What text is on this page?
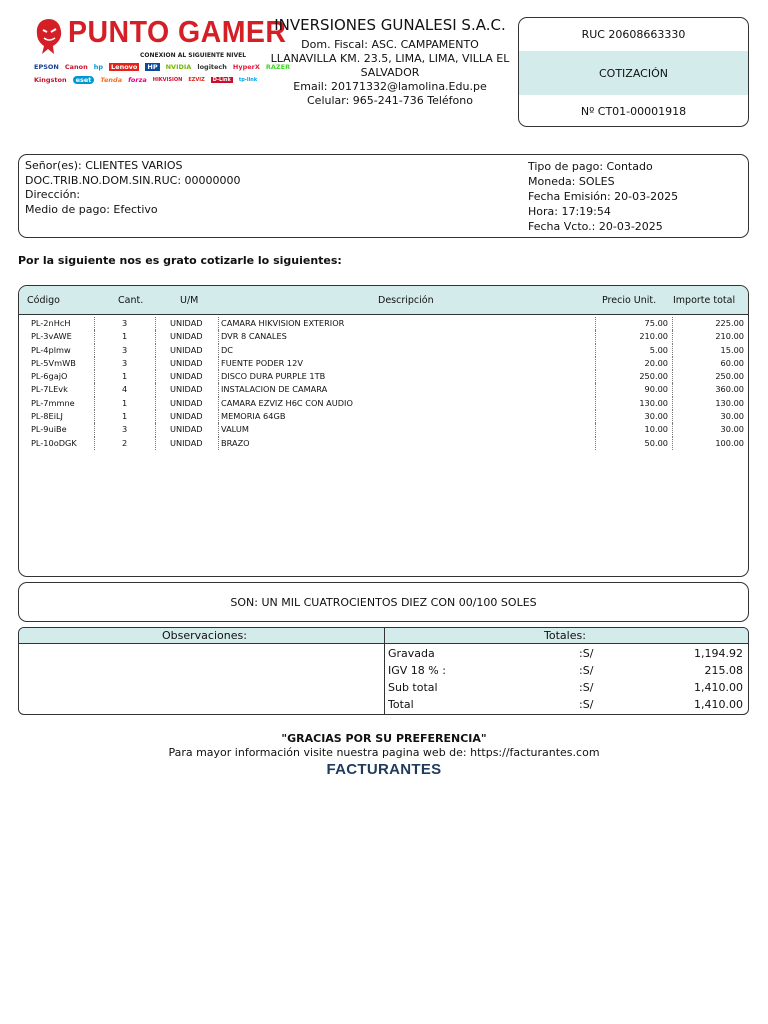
PUNTO GAMER
CONEXION AL SIGUIENTE NIVEL
EPSON Canon hp	Lenovo	HP	NVIDIA logitech HyperX RAZER
Kingston	eset	Tenda forza HIKVISION EZVIZ	D-Link	tp-link
INVERSIONES GUNALESI S.A.C.
Dom. Fiscal: ASC. CAMPAMENTO
LLANAVILLA KM. 23.5, LIMA, LIMA, VILLA EL
SALVADOR
Email: 20171332@lamolina.Edu.pe
Celular: 965-241-736 Teléfono
RUC 20608663330
COTIZACIÓN
Nº CT01-00001918
Señor(es): CLIENTES VARIOS
DOC.TRIB.NO.DOM.SIN.RUC: 00000000
Dirección:
Medio de pago: Efectivo
Tipo de pago: Contado
Moneda: SOLES
Fecha Emisión: 20-03-2025
Hora: 17:19:54
Fecha Vcto.: 20-03-2025
Por la siguiente nos es grato cotizarle lo siguientes:
Código	Cant.	U/M	Descripción	Precio Unit. Importe total
PL-2nHcH	3	UNIDAD CAMARA HIKVISION EXTERIOR	75.00	225.00
PL-3vAWE	1	UNIDAD DVR 8 CANALES	210.00	210.00
PL-4plmw	3	UNIDAD DC	5.00	15.00
PL-5VmWB	3	UNIDAD FUENTE PODER 12V	20.00	60.00
PL-6gajO	1	UNIDAD DISCO DURA PURPLE 1TB	250.00	250.00
PL-7LEvk	4	UNIDAD INSTALACION DE CAMARA	90.00	360.00
PL-7mmne	1	UNIDAD CAMARA EZVIZ H6C CON AUDIO	130.00	130.00
PL-8EiLJ	1	UNIDAD MEMORIA 64GB	30.00	30.00
PL-9uiBe	3	UNIDAD VALUM	10.00	30.00
PL-10oDGK	2	UNIDAD BRAZO	50.00	100.00
SON: UN MIL CUATROCIENTOS DIEZ CON 00/100 SOLES
Observaciones:	Totales:
Gravada	:S/	1,194.92
IGV 18 % :	:S/	215.08
Sub total	:S/	1,410.00
Total	:S/	1,410.00
"GRACIAS POR SU PREFERENCIA"
Para mayor información visite nuestra pagina web de: https://facturantes.com
FACTURANTES
